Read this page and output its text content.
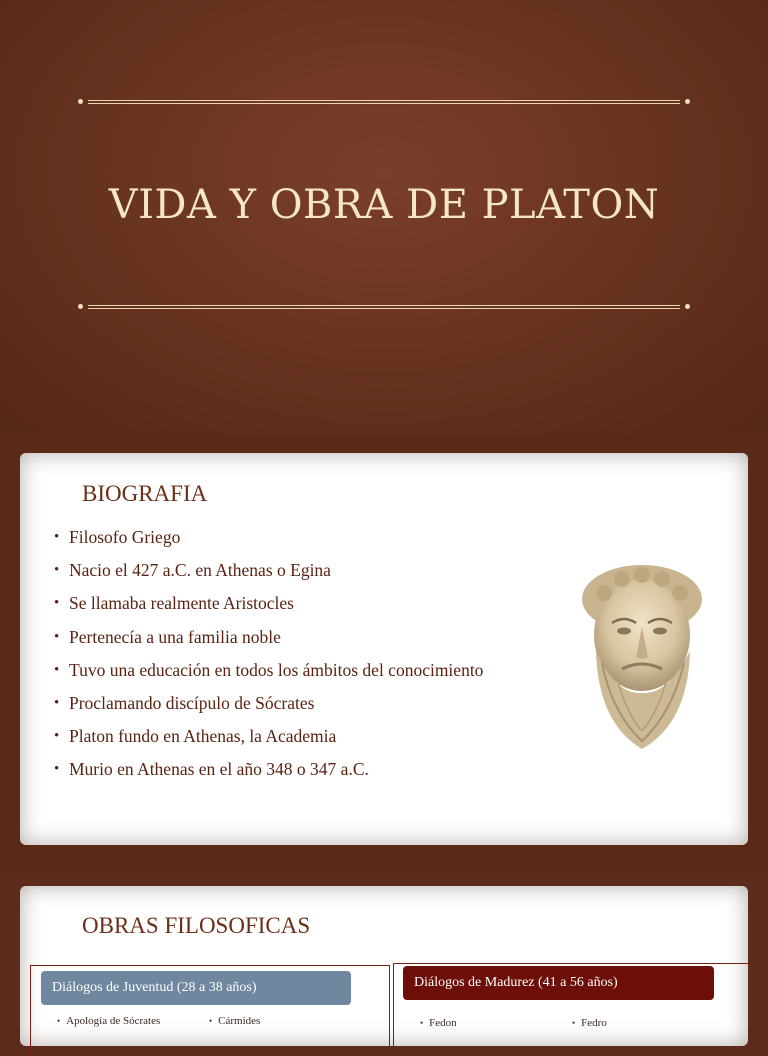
VIDA Y OBRA DE PLATON
BIOGRAFIA
• Filosofo Griego
• Nacio el 427 a.C. en Athenas o Egina
• Se llamaba realmente Aristocles
• Pertenecía a una familia noble
• Tuvo una educación en todos los ámbitos del conocimiento
• Proclamando discípulo de Sócrates
• Platon fundo en Athenas, la Academia
• Murio en Athenas en el año 348 o 347 a.C.
OBRAS FILOSOFICAS
Diálogos de Juventud (28 a 38 años)
• Apología de Sócrates	• Cármides
Diálogos de Madurez (41 a 56 años)
• Fedon	• Fedro
